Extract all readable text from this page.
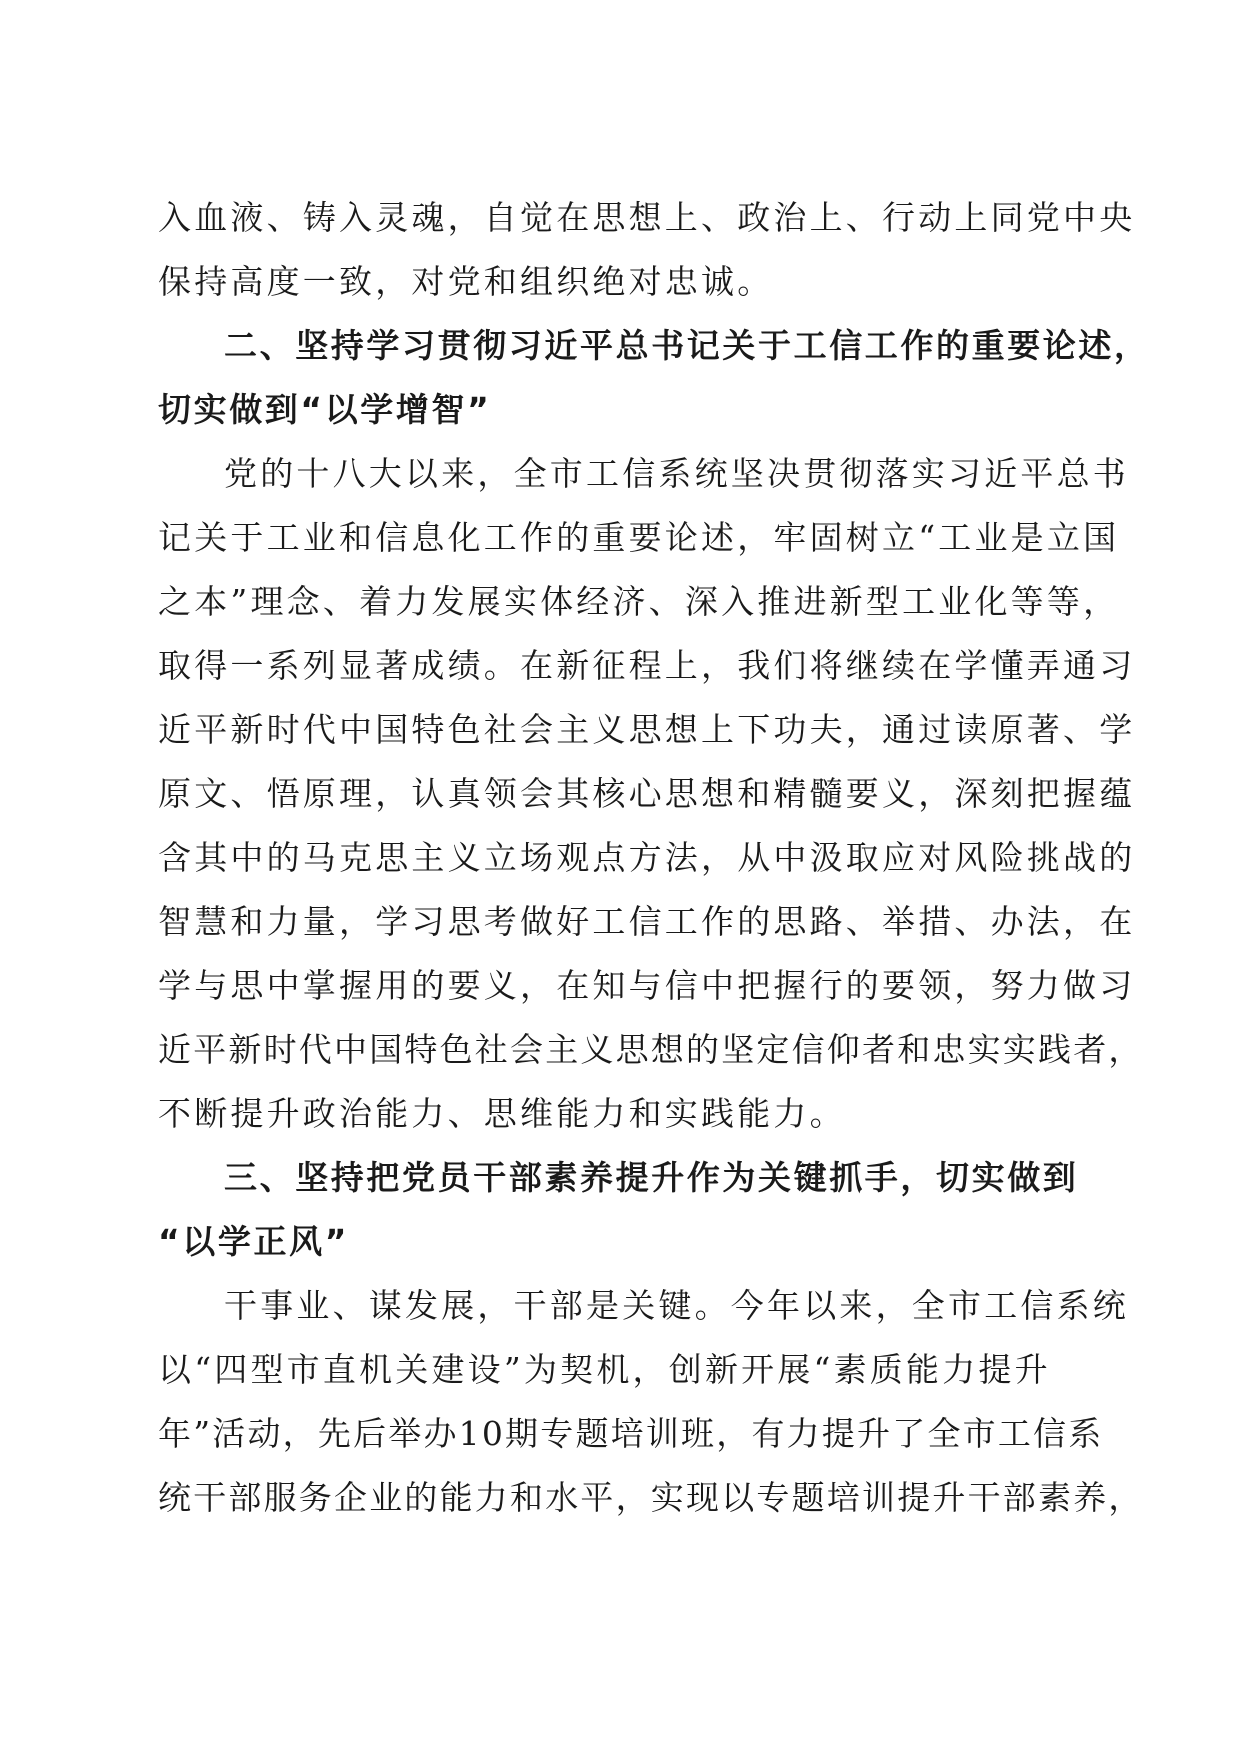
入血液、铸入灵魂，自觉在思想上、政治上、行动上同党中央
保持高度一致，对党和组织绝对忠诚。
二、坚持学习贯彻习近平总书记关于工信工作的重要论述，
切实做到“以学增智”
党的十八大以来，全市工信系统坚决贯彻落实习近平总书
记关于工业和信息化工作的重要论述，牢固树立“工业是立国
之本”理念、着力发展实体经济、深入推进新型工业化等等，
取得一系列显著成绩。在新征程上，我们将继续在学懂弄通习
近平新时代中国特色社会主义思想上下功夫，通过读原著、学
原文、悟原理，认真领会其核心思想和精髓要义，深刻把握蕴
含其中的马克思主义立场观点方法，从中汲取应对风险挑战的
智慧和力量，学习思考做好工信工作的思路、举措、办法，在
学与思中掌握用的要义，在知与信中把握行的要领，努力做习
近平新时代中国特色社会主义思想的坚定信仰者和忠实实践者，
不断提升政治能力、思维能力和实践能力。
三、坚持把党员干部素养提升作为关键抓手，切实做到
“以学正风”
干事业、谋发展，干部是关键。今年以来，全市工信系统
以“四型市直机关建设”为契机，创新开展“素质能力提升
年”活动，先后举办10期专题培训班，有力提升了全市工信系
统干部服务企业的能力和水平，实现以专题培训提升干部素养，
